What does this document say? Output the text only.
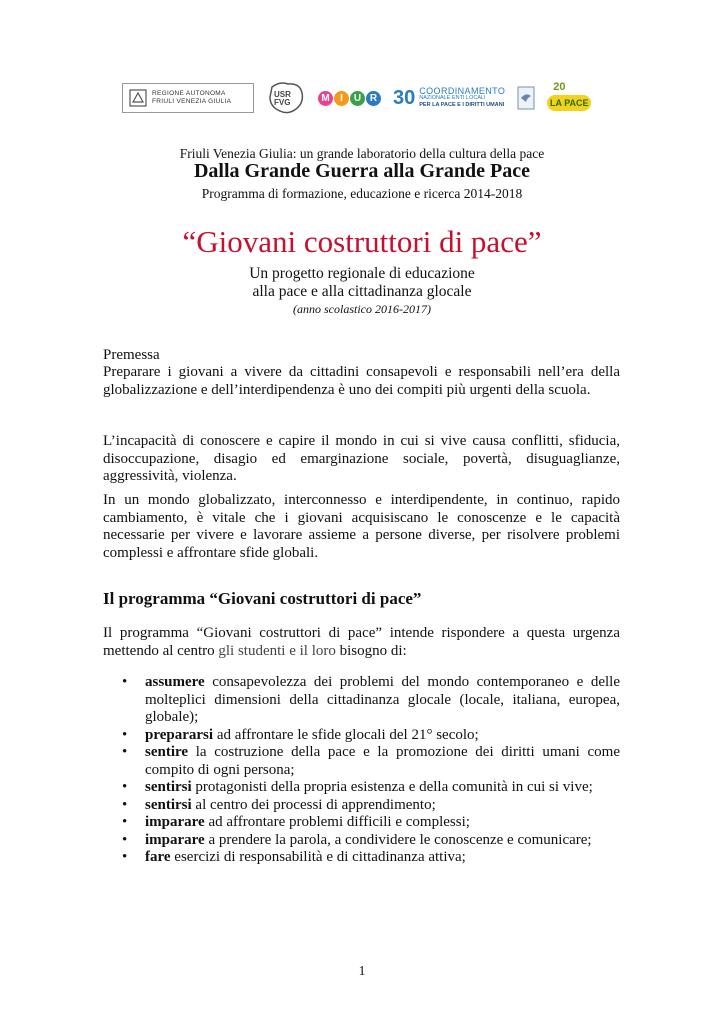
REGIONE AUTONOMA
FRIULI VENEZIA GIULIA
USR FVG	M	I	U R 30 COORDINAMENTO
NAZIONALE ENTI LOCALI
PER LA PACE E I DIRITTI UMANI
20
LA PACE
Friuli Venezia Giulia: un grande laboratorio della cultura della pace
Dalla Grande Guerra alla Grande Pace
Programma di formazione, educazione e ricerca 2014-2018
“Giovani costruttori di pace”
Un progetto regionale di educazione
alla pace e alla cittadinanza glocale
(anno scolastico 2016-2017)
Premessa
Preparare i giovani a vivere da cittadini consapevoli e responsabili nell’era della globalizzazione e dell’interdipendenza è uno dei compiti più urgenti della scuola.
L’incapacità di conoscere e capire il mondo in cui si vive causa conflitti, sfiducia, disoccupazione, disagio ed emarginazione sociale, povertà, disuguaglianze, aggressività, violenza.
In un mondo globalizzato, interconnesso e interdipendente, in continuo, rapido cambiamento, è vitale che i giovani acquisiscano le conoscenze e le capacità necessarie per vivere e lavorare assieme a persone diverse, per risolvere problemi complessi e affrontare sfide globali.
Il programma “Giovani costruttori di pace”
Il programma “Giovani costruttori di pace” intende rispondere a questa urgenza mettendo al centro gli studenti e il loro bisogno di:
• assumere consapevolezza dei problemi del mondo contemporaneo e delle molteplici dimensioni della cittadinanza glocale (locale, italiana, europea, globale);
• prepararsi ad affrontare le sfide glocali del 21° secolo;
• sentire la costruzione della pace e la promozione dei diritti umani come compito di ogni persona;
• sentirsi protagonisti della propria esistenza e della comunità in cui si vive;
• sentirsi al centro dei processi di apprendimento;
• imparare ad affrontare problemi difficili e complessi;
• imparare a prendere la parola, a condividere le conoscenze e comunicare;
• fare esercizi di responsabilità e di cittadinanza attiva;
1
